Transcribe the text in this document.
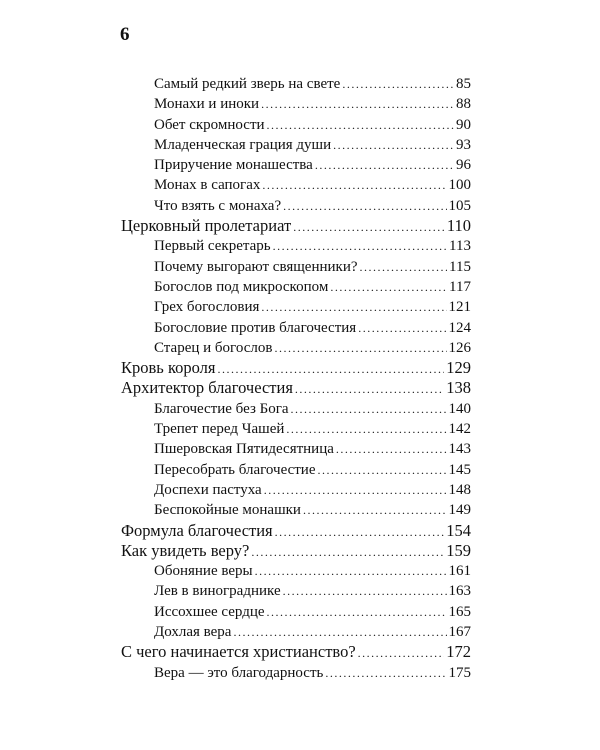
6
Самый редкий зверь на свете .....	85
Монахи и иноки .....	88
Обет скромности .....	90
Младенческая грация души .....	93
Приручение монашества .....	96
Монах в сапогах .....	100
Что взять с монаха? .....	105
Церковный пролетариат .....	110
Первый секретарь .....	113
Почему выгорают священники? .....	115
Богослов под микроскопом .....	117
Грех богословия .....	121
Богословие против благочестия .....	124
Старец и богослов .....	126
Кровь короля .....	129
Архитектор благочестия .....	138
Благочестие без Бога .....	140
Трепет перед Чашей .....	142
Пшеровская Пятидесятница .....	143
Пересобрать благочестие .....	145
Доспехи пастуха .....	148
Беспокойные монашки .....	149
Формула благочестия .....	154
Как увидеть веру? .....	159
Обоняние веры .....	161
Лев в винограднике .....	163
Иссохшее сердце .....	165
Дохлая вера .....	167
С чего начинается христианство? .....	172
Вера — это благодарность .....	175
